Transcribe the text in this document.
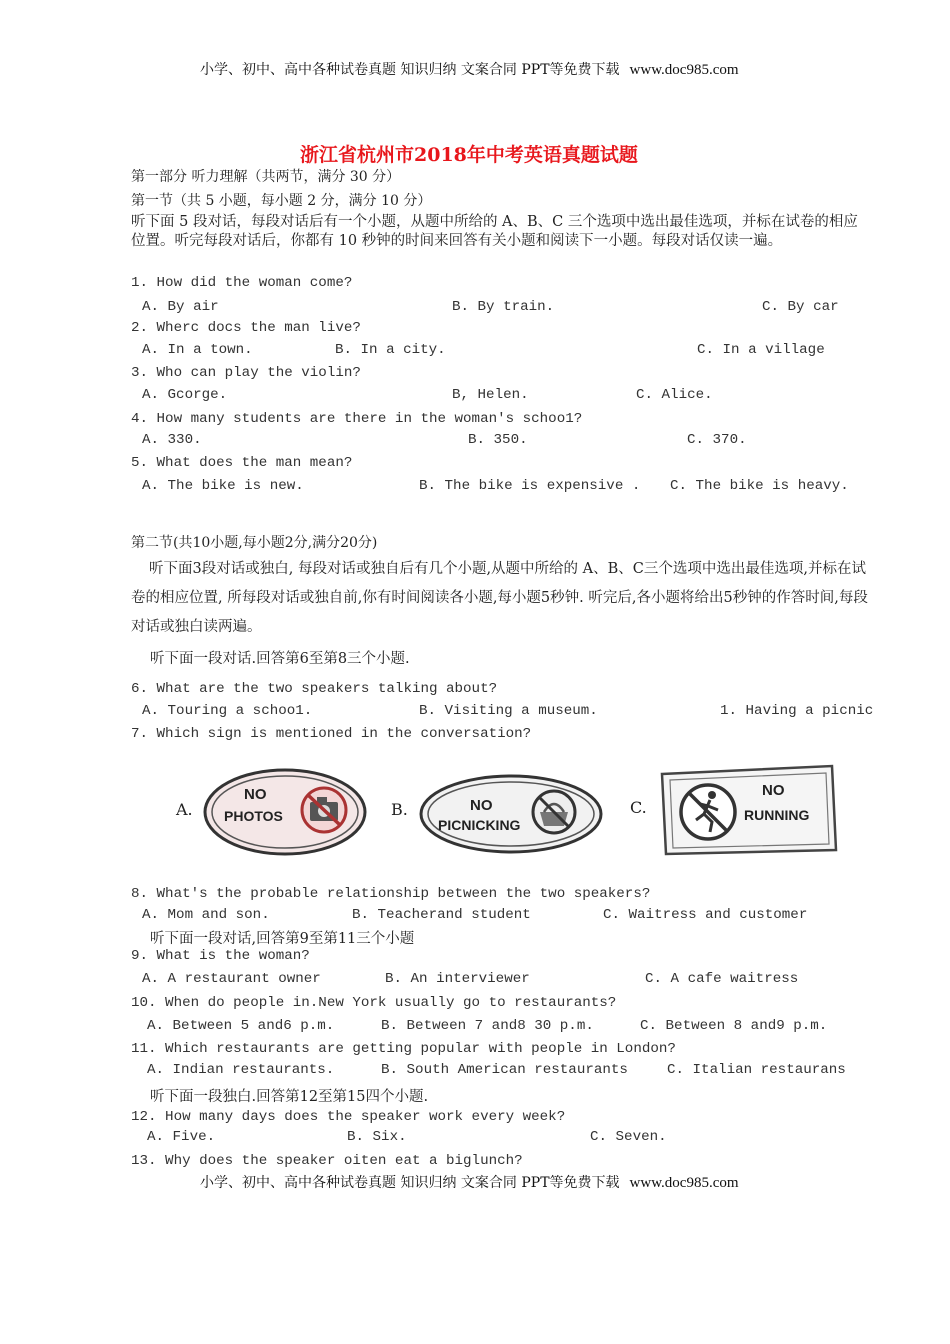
小学、初中、高中各种试卷真题 知识归纳 文案合同 PPT等免费下载 www.doc985.com
浙江省杭州市2018年中考英语真题试题
第一部分 听力理解（共两节，满分 30 分）
第一节（共 5 小题，每小题 2 分，满分 10 分）
听下面 5 段对话，每段对话后有一个小题，从题中所给的 A、B、C 三个选项中选出最佳选项，并标在试卷的相应位置。听完每段对话后，你都有 10 秒钟的时间来回答有关小题和阅读下一小题。每段对话仅读一遍。
1. How did the woman come?
A. By air	B. By train.	C. By car
2. Wherc docs the man live?
A. In a town.	B. In a city.	C. In a village
3. Who can play the violin?
A. Gcorge.	B, Helen.	C. Alice.
4. How many students are there in the woman's schoo1?
A. 330.	B. 350.	C. 370.
5. What does the man mean?
A. The bike is new.	B. The bike is expensive . C. The bike is heavy.
第二节(共10小题,每小题2分,满分20分)
听下面3段对话或独白, 每段对话或独自后有几个小题,从题中所给的 A、B、C三个选项中选出最佳选项,并标在试卷的相应位置, 所每段对话或独自前,你有时间阅读各小题,每小题5秒钟. 听完后,各小题将给出5秒钟的作答时间,每段对话或独白读两遍。
听下面一段对话.回答第6至第8三个小题.
6. What are the two speakers talking about?
A. Touring a schoo1.	B. Visiting a museum.	1. Having a picnic
7. Which sign is mentioned in the conversation?
A.
NO
PHOTOS	B.	NO
PICNICKING
C.
NO
RUNNING
8. What's the probable relationship between the two speakers?
A. Mom and son.	B. Teacherand student	C. Waitress and customer
听下面一段对话,回答第9至第11三个小题
9. What is the woman?
A. A restaurant owner	B. An interviewer	C. A cafe waitress
10. When do people in.New York usually go to restaurants?
A. Between 5 and6 p.m.	B. Between 7 and8 30 p.m.	C. Between 8 and9 p.m.
11. Which restaurants are getting popular with people in London?
A. Indian restaurants.	B. South American restaurants	C. Italian restaurans
听下面一段独白.回答第12至第15四个小题.
12. How many days does the speaker work every week?
A. Five.	B. Six.	C. Seven.
13. Why does the speaker oiten eat a biglunch?
小学、初中、高中各种试卷真题 知识归纳 文案合同 PPT等免费下载 www.doc985.com
